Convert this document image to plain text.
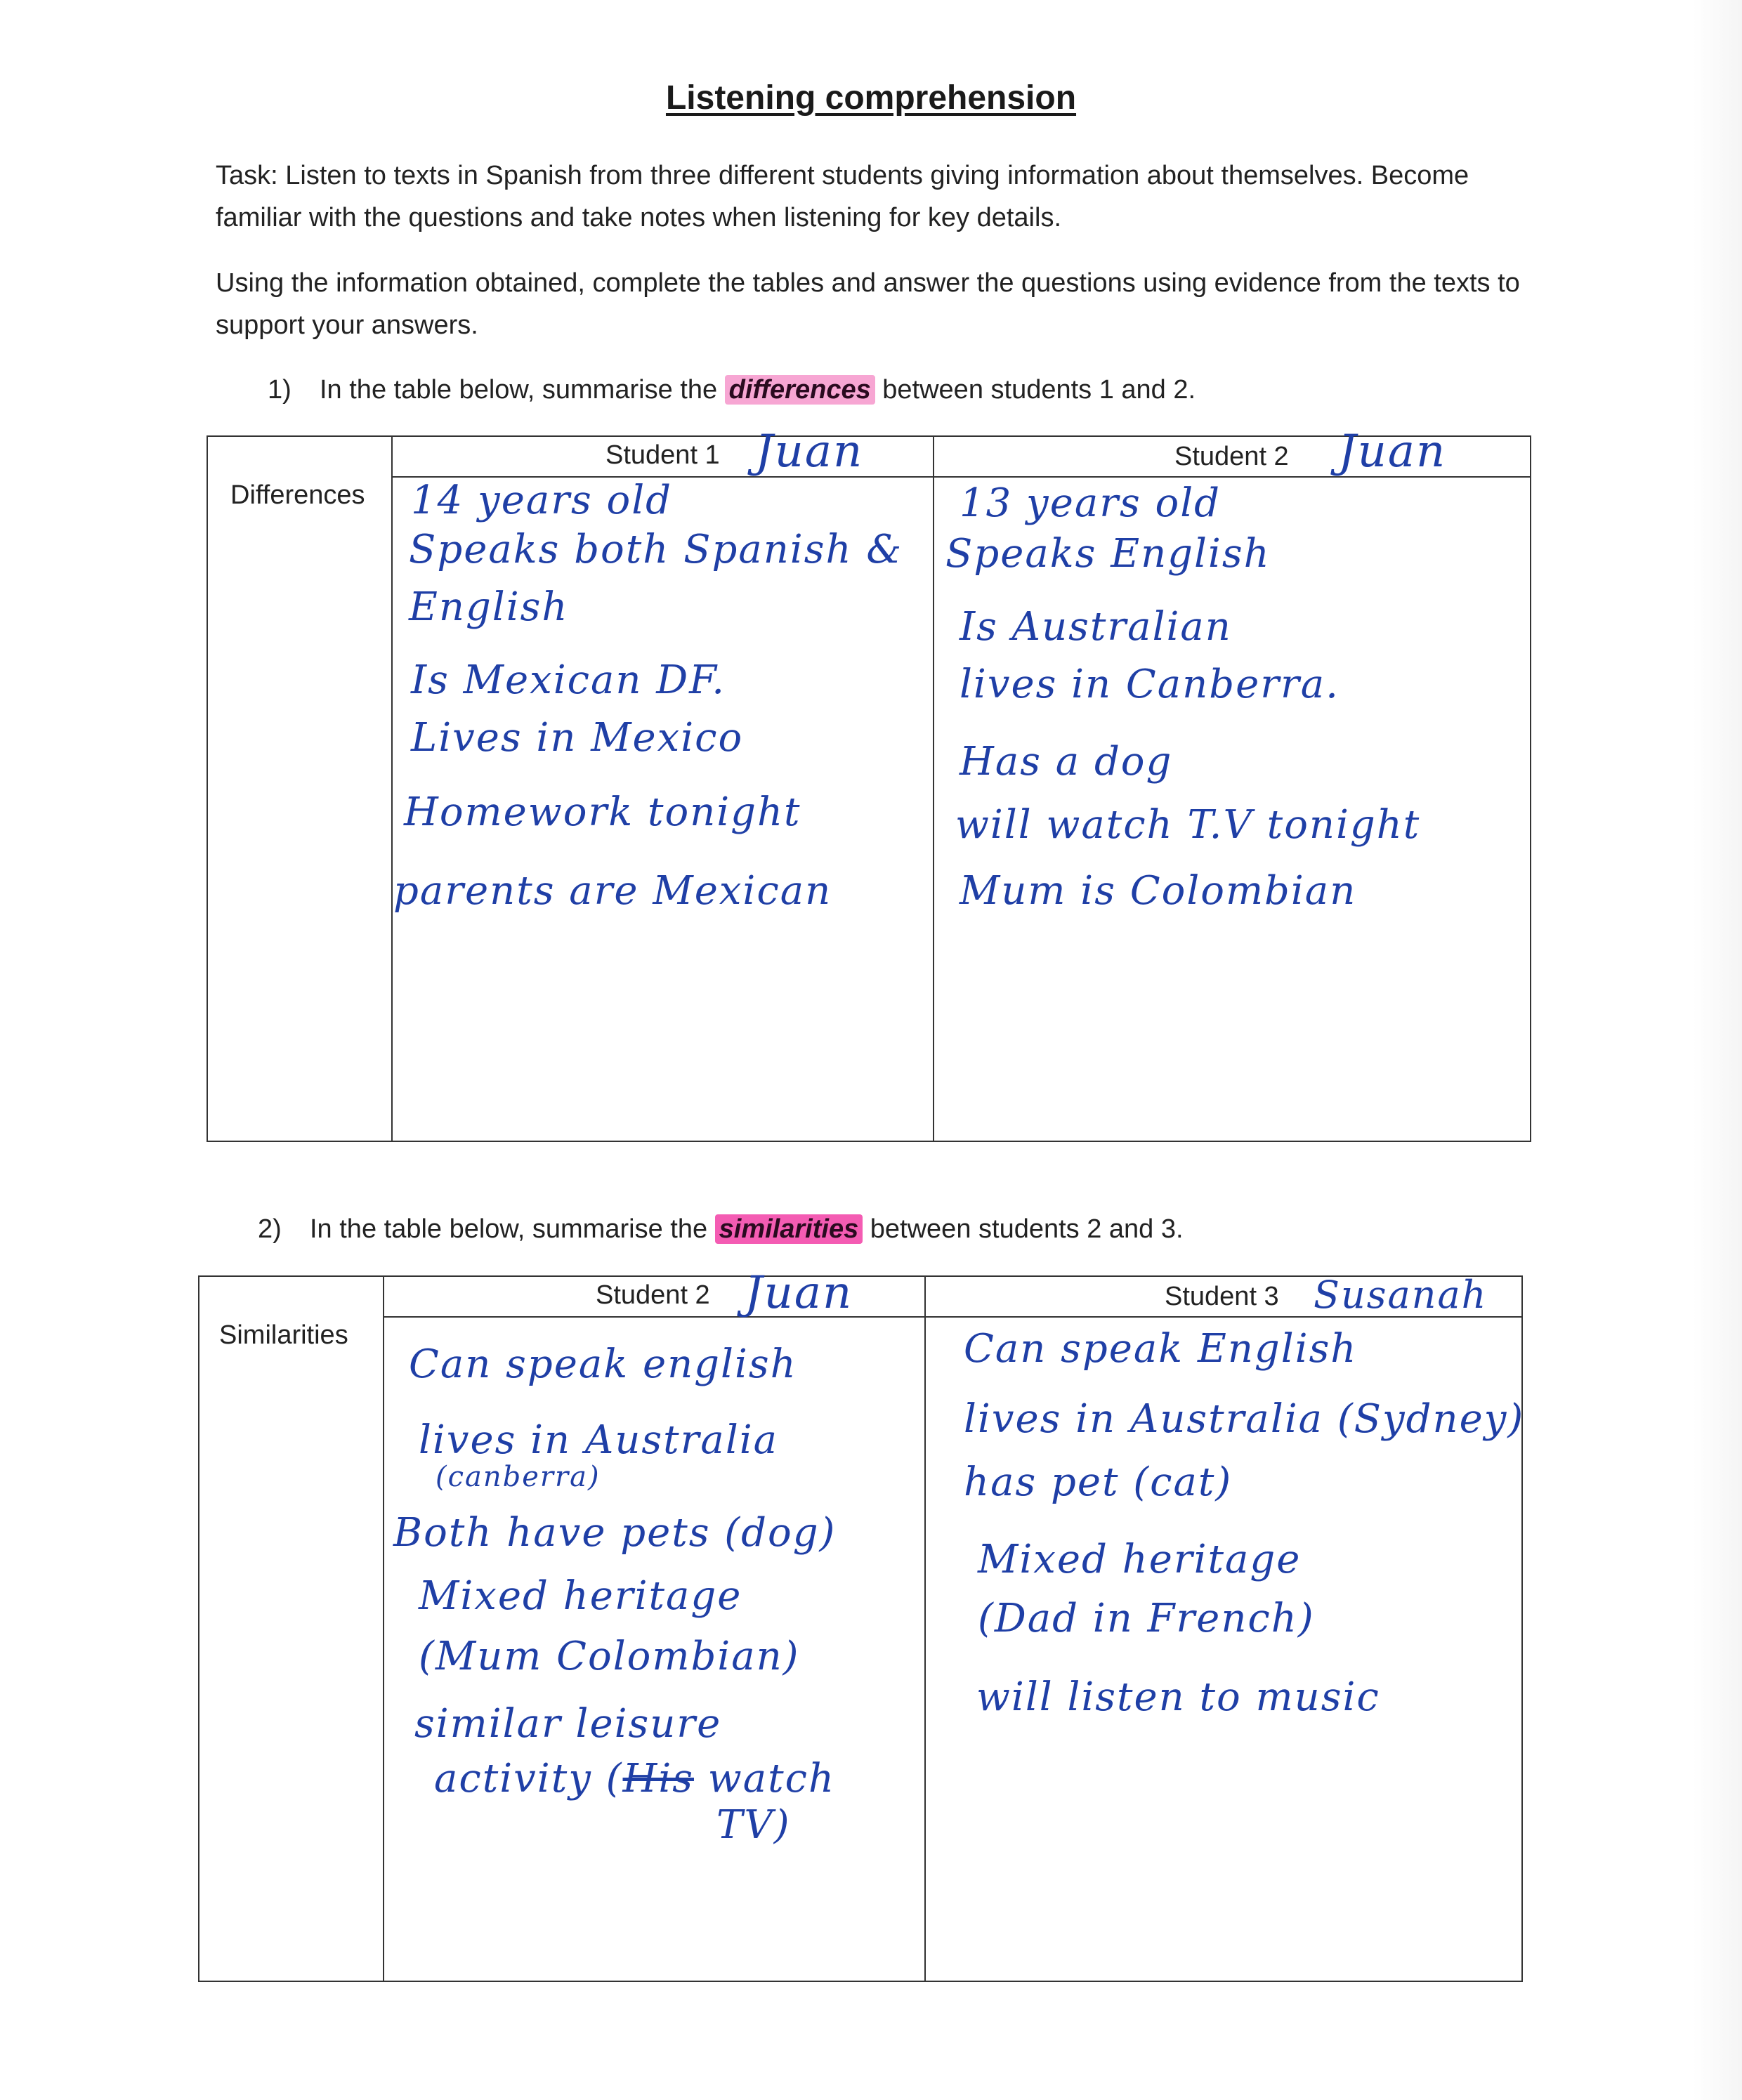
Listening comprehension
Task: Listen to texts in Spanish from three different students giving information about themselves. Become familiar with the questions and take notes when listening for key details.
Using the information obtained, complete the tables and answer the questions using evidence from the texts to support your answers.
1) In the table below, summarise the differences between students 1 and 2.
Differences
Student 1 Juan	Student 2 Juan
14 years old
Speaks both Spanish &
English
Is Mexican DF.
Lives in Mexico
Homework tonight
parents are Mexican
13 years old
Speaks English
Is Australian
lives in Canberra.
Has a dog
will watch T.V tonight
Mum is Colombian
2) In the table below, summarise the similarities between students 2 and 3.
Similarities
Student 2 Juan	Student 3 Susanah
Can speak english
lives in Australia
(canberra)
Both have pets (dog)
Mixed heritage
(Mum Colombian)
similar leisure
activity (His watch
TV)
Can speak English
lives in Australia (Sydney)
has pet (cat)
Mixed heritage
(Dad in French)
will listen to music
